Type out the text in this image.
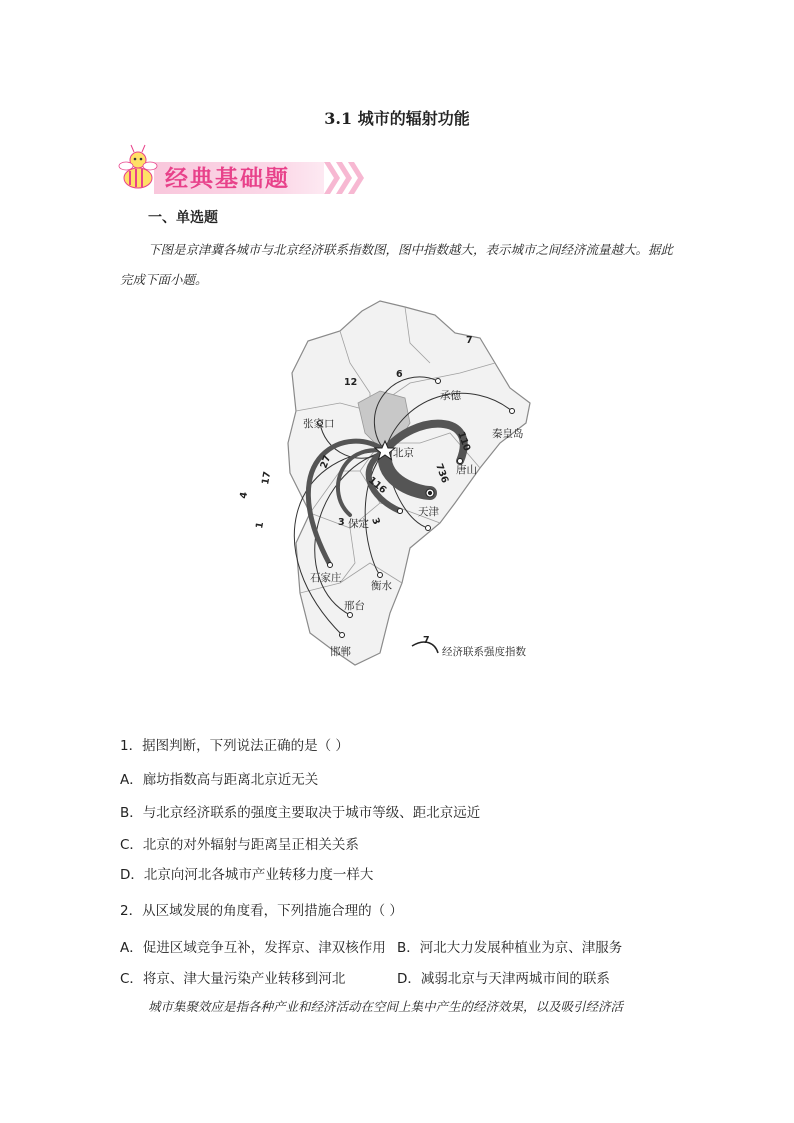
3.1 城市的辐射功能
经典基础题
一、单选题
下图是京津冀各城市与北京经济联系指数图，图中指数越大，表示城市之间经济流量越大。据此完成下面小题。
北京
天津
张家口
承德
秦皇岛
唐山
保定
石家庄
衡水
邢台
邯郸
7
6
12
110
736
116
27
3
3
17
4
1
7
经济联系强度指数
1．据图判断，下列说法正确的是（ ）
A．廊坊指数高与距离北京近无关
B．与北京经济联系的强度主要取决于城市等级、距北京远近
C．北京的对外辐射与距离呈正相关关系
D．北京向河北各城市产业转移力度一样大
2．从区域发展的角度看，下列措施合理的（ ）
A．促进区域竞争互补，发挥京、津双核作用 B．河北大力发展种植业为京、津服务
C．将京、津大量污染产业转移到河北	D．减弱北京与天津两城市间的联系
城市集聚效应是指各种产业和经济活动在空间上集中产生的经济效果，以及吸引经济活
